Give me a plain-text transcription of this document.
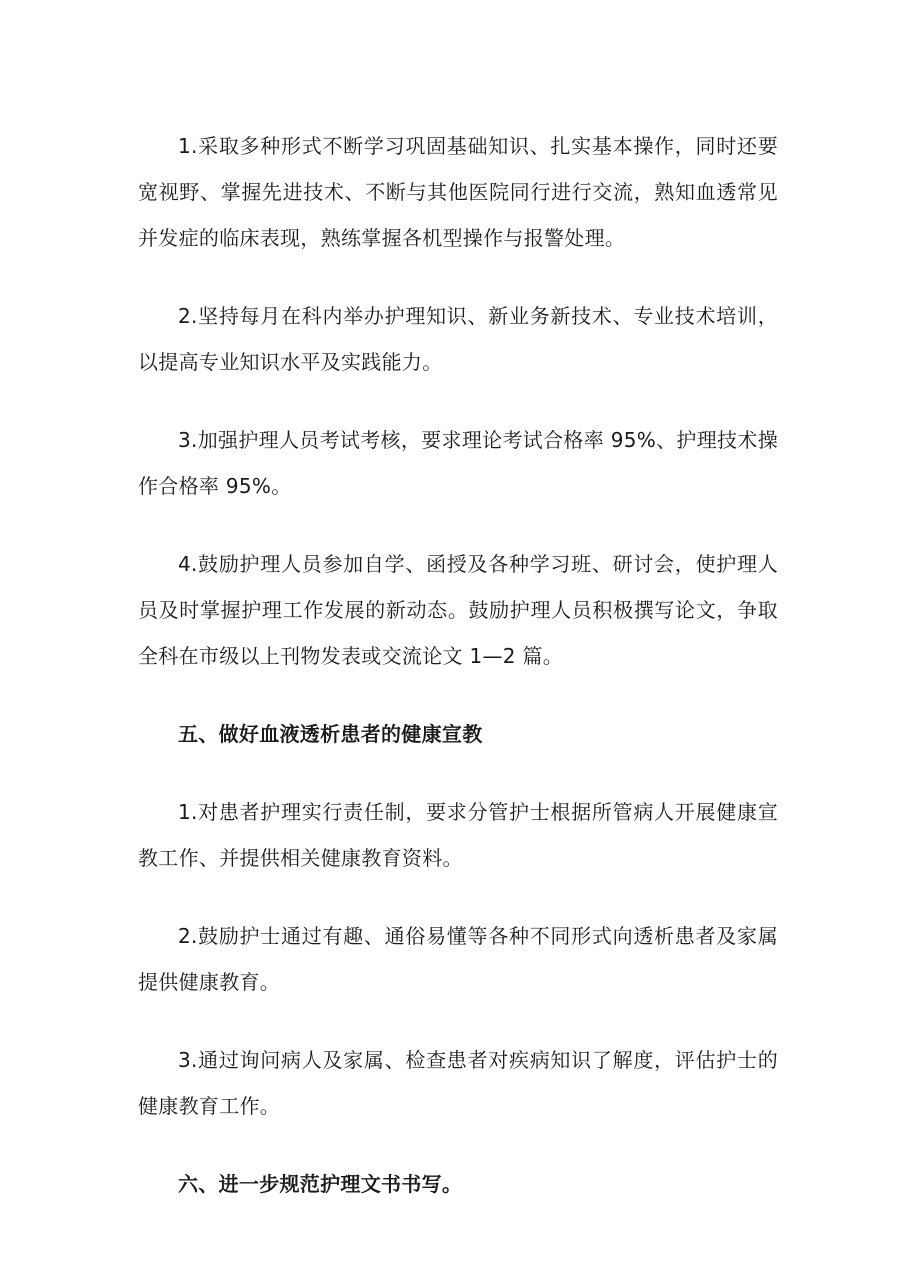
1.采取多种形式不断学习巩固基础知识、扎实基本操作，同时还要宽视野、掌握先进技术、不断与其他医院同行进行交流，熟知血透常见并发症的临床表现，熟练掌握各机型操作与报警处理。

2.坚持每月在科内举办护理知识、新业务新技术、专业技术培训，以提高专业知识水平及实践能力。

3.加强护理人员考试考核，要求理论考试合格率 95%、护理技术操作合格率 95%。

4.鼓励护理人员参加自学、函授及各种学习班、研讨会，使护理人员及时掌握护理工作发展的新动态。鼓励护理人员积极撰写论文，争取全科在市级以上刊物发表或交流论文 1—2 篇。

五、做好血液透析患者的健康宣教

1.对患者护理实行责任制，要求分管护士根据所管病人开展健康宣教工作、并提供相关健康教育资料。

2.鼓励护士通过有趣、通俗易懂等各种不同形式向透析患者及家属提供健康教育。

3.通过询问病人及家属、检查患者对疾病知识了解度，评估护士的健康教育工作。

六、进一步规范护理文书书写。
